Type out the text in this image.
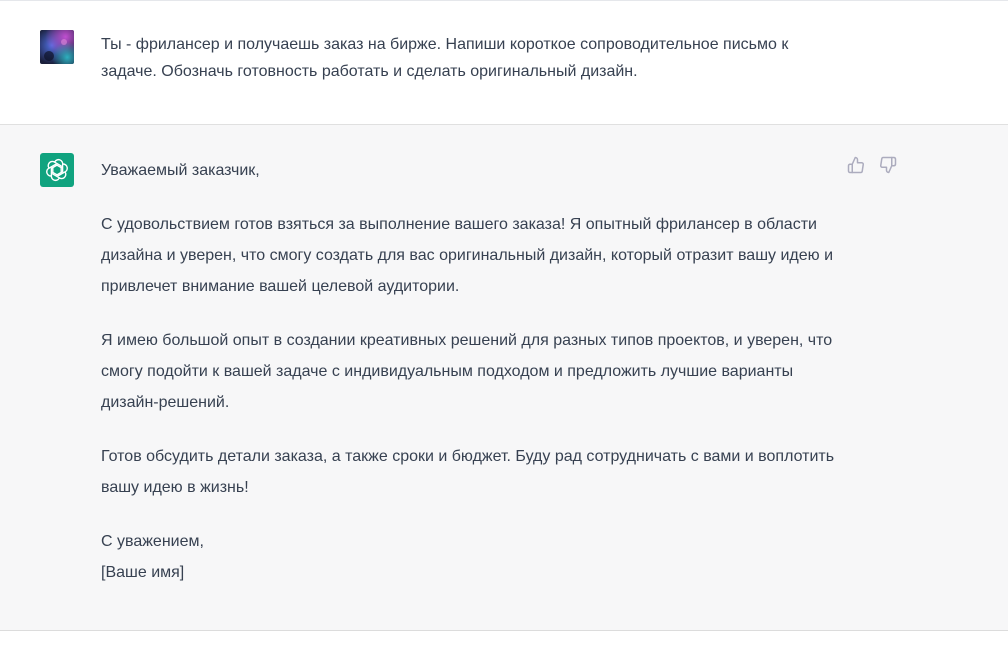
Ты - фрилансер и получаешь заказ на бирже. Напиши короткое сопроводительное письмо к задаче. Обозначь готовность работать и сделать оригинальный дизайн.

Уважаемый заказчик,

С удовольствием готов взяться за выполнение вашего заказа! Я опытный фрилансер в области дизайна и уверен, что смогу создать для вас оригинальный дизайн, который отразит вашу идею и привлечет внимание вашей целевой аудитории.

Я имею большой опыт в создании креативных решений для разных типов проектов, и уверен, что смогу подойти к вашей задаче с индивидуальным подходом и предложить лучшие варианты дизайн-решений.

Готов обсудить детали заказа, а также сроки и бюджет. Буду рад сотрудничать с вами и воплотить вашу идею в жизнь!

С уважением,

[Ваше имя]
